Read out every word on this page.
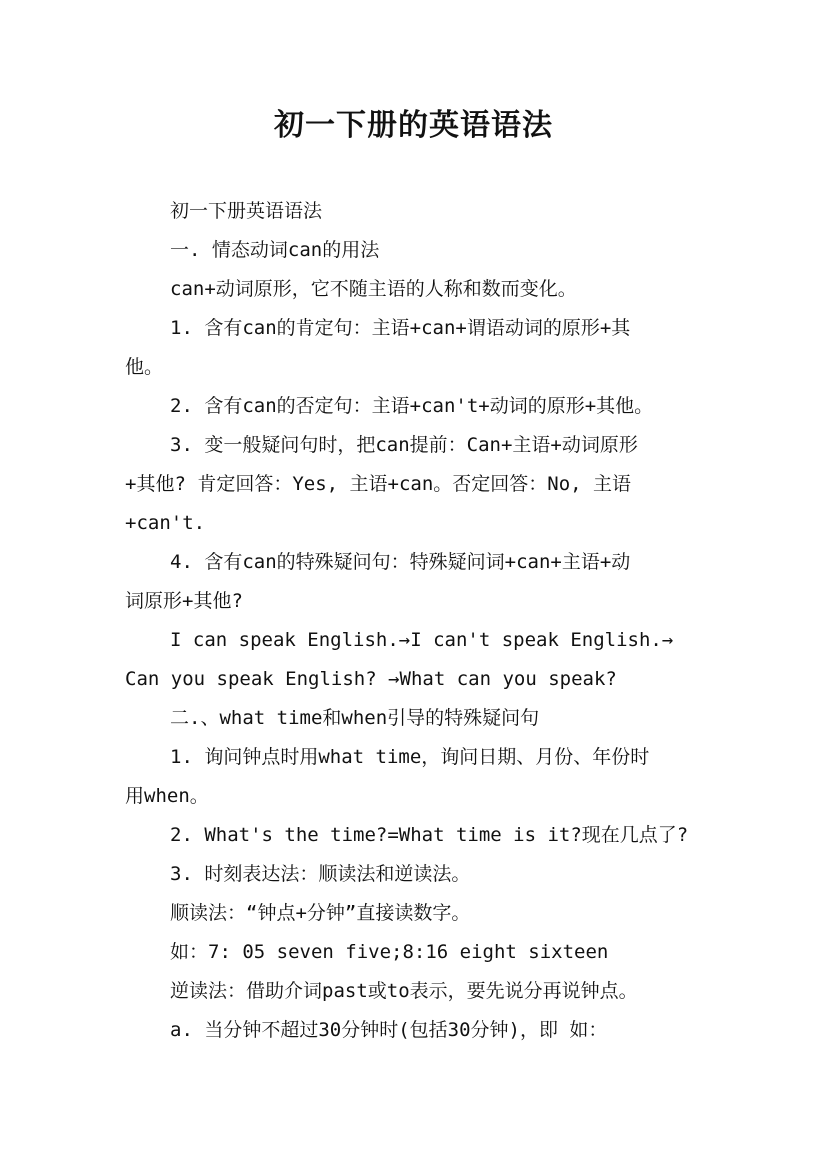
初一下册的英语语法
初一下册英语语法
一. 情态动词can的用法
can+动词原形，它不随主语的人称和数而变化。
1. 含有can的肯定句：主语+can+谓语动词的原形+其
他。
2. 含有can的否定句：主语+can't+动词的原形+其他。
3. 变一般疑问句时，把can提前：Can+主语+动词原形
+其他? 肯定回答：Yes, 主语+can。否定回答：No, 主语
+can't.
4. 含有can的特殊疑问句：特殊疑问词+can+主语+动
词原形+其他?
I can speak English.→I can't speak English.→
Can you speak English? →What can you speak?
二.、what time和when引导的特殊疑问句
1. 询问钟点时用what time，询问日期、月份、年份时
用when。
2. What's the time?=What time is it?现在几点了?
3. 时刻表达法：顺读法和逆读法。
顺读法：“钟点+分钟”直接读数字。
如：7: 05 seven five;8:16 eight sixteen
逆读法：借助介词past或to表示，要先说分再说钟点。
a. 当分钟不超过30分钟时(包括30分钟)，即 如：
